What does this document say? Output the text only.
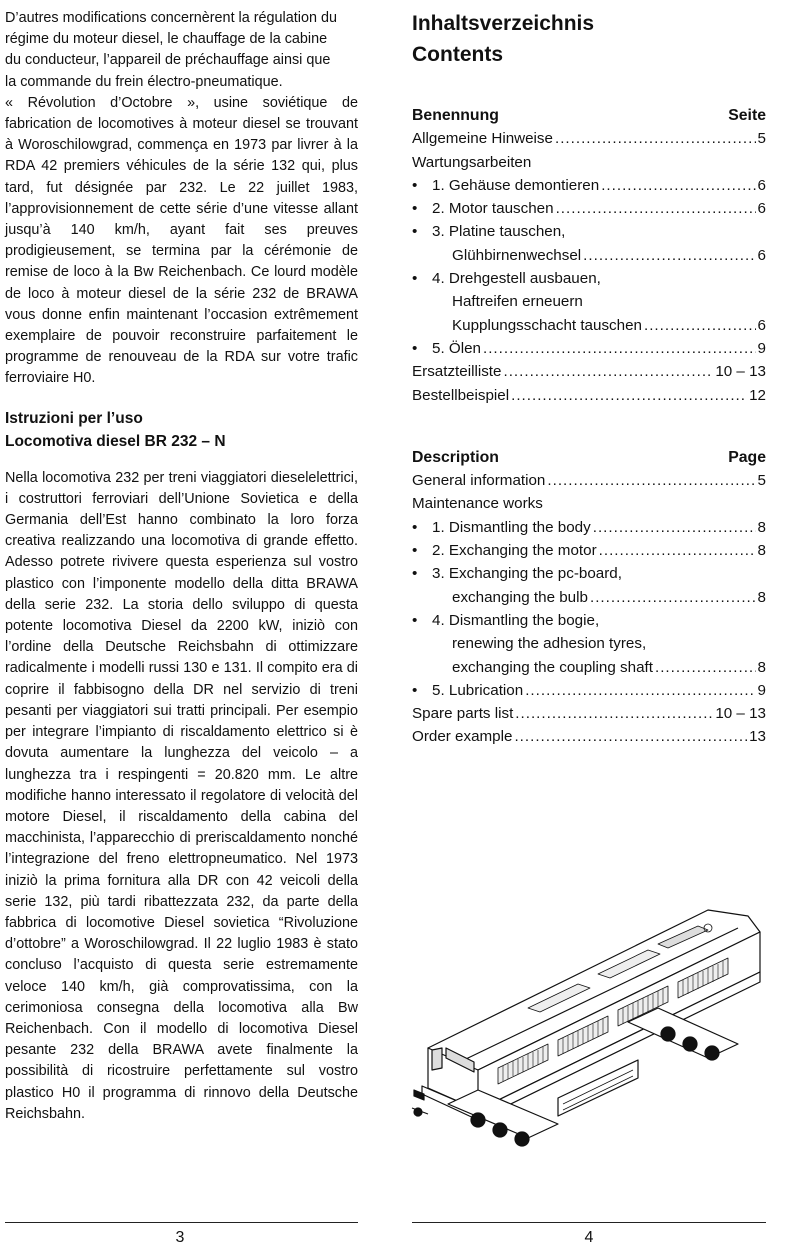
D’autres modifications concernèrent la régulation du
régime du moteur diesel, le chauffage de la cabine
du conducteur, l’appareil de préchauffage ainsi que
la commande du frein électro-pneumatique.

« Révolution d’Octobre », usine soviétique de fabrication de locomotives à moteur diesel se trouvant à Woroschilowgrad, commença en 1973 par livrer à la RDA 42 premiers véhicules de la série 132 qui, plus tard, fut désignée par 232. Le 22 juillet 1983, l’approvisionnement de cette série d’une vitesse allant jusqu’à 140 km/h, ayant fait ses preuves prodigieusement, se termina par la cérémonie de remise de loco à la Bw Reichenbach. Ce lourd modèle de loco à moteur diesel de la série 232 de BRAWA vous donne enfin maintenant l’occasion extrêmement exemplaire de pouvoir reconstruire parfaitement le programme de renouveau de la RDA sur votre trafic ferroviaire H0.

Istruzioni per l’uso
Locomotiva diesel BR 232 – N

Nella locomotiva 232 per treni viaggiatori dieselelettrici, i costruttori ferroviari dell’Unione Sovietica e della Germania dell’Est hanno combinato la loro forza creativa realizzando una locomotiva di grande effetto. Adesso potrete rivivere questa esperienza sul vostro plastico con l’imponente modello della ditta BRAWA della serie 232. La storia dello sviluppo di questa potente locomotiva Diesel da 2200 kW, iniziò con l’ordine della Deutsche Reichsbahn di ottimizzare radicalmente i modelli russi 130 e 131. Il compito era di coprire il fabbisogno della DR nel servizio di treni pesanti per viaggiatori sui tratti principali. Per esempio per integrare l’impianto di riscaldamento elettrico si è dovuta aumentare la lunghezza del veicolo – a lunghezza tra i respingenti = 20.820 mm. Le altre modifiche hanno interessato il regolatore di velocità del motore Diesel, il riscaldamento della cabina del macchinista, l’apparecchio di preriscaldamento nonché l’integrazione del freno elettropneumatico. Nel 1973 iniziò la prima fornitura alla DR con 42 veicoli della serie 132, più tardi ribattezzata 232, da parte della fabbrica di locomotive Diesel sovietica “Rivoluzione d’ottobre” a Woroschilowgrad. Il 22 luglio 1983 è stato concluso l’acquisto di questa serie estremamente veloce 140 km/h, già comprovatissima, con la cerimoniosa consegna della locomotiva alla Bw Reichenbach. Con il modello di locomotiva Diesel pesante 232 della BRAWA avete finalmente la possibilità di ricostruire perfettamente sul vostro plastico H0 il programma di rinnovo della Deutsche Reichsbahn.

Inhaltsverzeichnis
Contents
Benennung	Seite
Allgemeine Hinweise .....	5
Wartungsarbeiten
• 1. Gehäuse demontieren .....	6
• 2. Motor tauschen .....	6
• 3. Platine tauschen,
Glühbirnenwechsel .....	6
• 4. Drehgestell ausbauen,
Haftreifen erneuern
Kupplungsschacht tauschen .....	6
• 5. Ölen .....	9
Ersatzteilliste .....	10 – 13
Bestellbeispiel .....	12
Description	Page
General information .....	5
Maintenance works
• 1. Dismantling the body .....	8
• 2. Exchanging the motor .....	8
• 3. Exchanging the pc-board,
exchanging the bulb .....	8
• 4. Dismantling the bogie,
renewing the adhesion tyres,
exchanging the coupling shaft .....	8
• 5. Lubrication .....	9
Spare parts list .....	10 – 13
Order example .....	13
3	4
